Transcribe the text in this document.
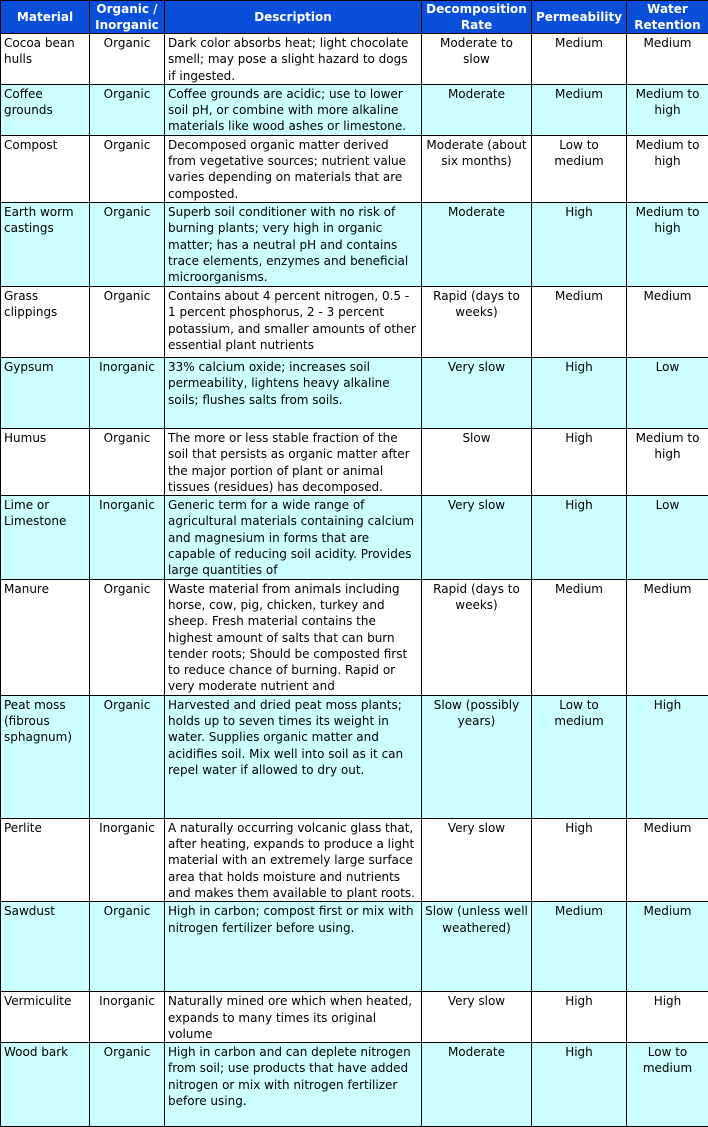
Material	Organic / Inorganic	Description	Decomposition Rate	Permeability	Water Retention

Cocoa bean hulls	Organic	Dark color absorbs heat; light chocolate smell; may pose a slight hazard to dogs if ingested.	Moderate to slow	Medium	Medium

Coffee grounds	Organic	Coffee grounds are acidic; use to lower soil pH, or combine with more alkaline materials like wood ashes or limestone.	Moderate	Medium	Medium to high

Compost	Organic	Decomposed organic matter derived from vegetative sources; nutrient value varies depending on materials that are composted.	Moderate (about six months)	Low to medium	Medium to high

Earth worm castings	Organic	Superb soil conditioner with no risk of burning plants; very high in organic matter; has a neutral pH and contains trace elements, enzymes and beneficial microorganisms.	Moderate	High	Medium to high

Grass clippings	Organic	Contains about 4 percent nitrogen, 0.5 - 1 percent phosphorus, 2 - 3 percent potassium, and smaller amounts of other essential plant nutrients	Rapid (days to weeks)	Medium	Medium

Gypsum	Inorganic	33% calcium oxide; increases soil permeability, lightens heavy alkaline soils; flushes salts from soils.	Very slow	High	Low

Humus	Organic	The more or less stable fraction of the soil that persists as organic matter after the major portion of plant or animal tissues (residues) has decomposed.	Slow	High	Medium to high

Lime or Limestone	Inorganic	Generic term for a wide range of agricultural materials containing calcium and magnesium in forms that are capable of reducing soil acidity. Provides large quantities of	Very slow	High	Low

Manure	Organic	Waste material from animals including horse, cow, pig, chicken, turkey and sheep. Fresh material contains the highest amount of salts that can burn tender roots; Should be composted first to reduce chance of burning. Rapid or very moderate nutrient and	Rapid (days to weeks)	Medium	Medium

Peat moss (fibrous sphagnum)	Organic	Harvested and dried peat moss plants; holds up to seven times its weight in water. Supplies organic matter and acidifies soil. Mix well into soil as it can repel water if allowed to dry out.	Slow (possibly years)	Low to medium	High

Perlite	Inorganic	A naturally occurring volcanic glass that, after heating, expands to produce a light material with an extremely large surface area that holds moisture and nutrients and makes them available to plant roots.	Very slow	High	Medium

Sawdust	Organic	High in carbon; compost first or mix with nitrogen fertilizer before using.	Slow (unless well weathered)	Medium	Medium

Vermiculite	Inorganic	Naturally mined ore which when heated, expands to many times its original volume	Very slow	High	High

Wood bark	Organic	High in carbon and can deplete nitrogen from soil; use products that have added nitrogen or mix with nitrogen fertilizer before using.	Moderate	High	Low to medium
